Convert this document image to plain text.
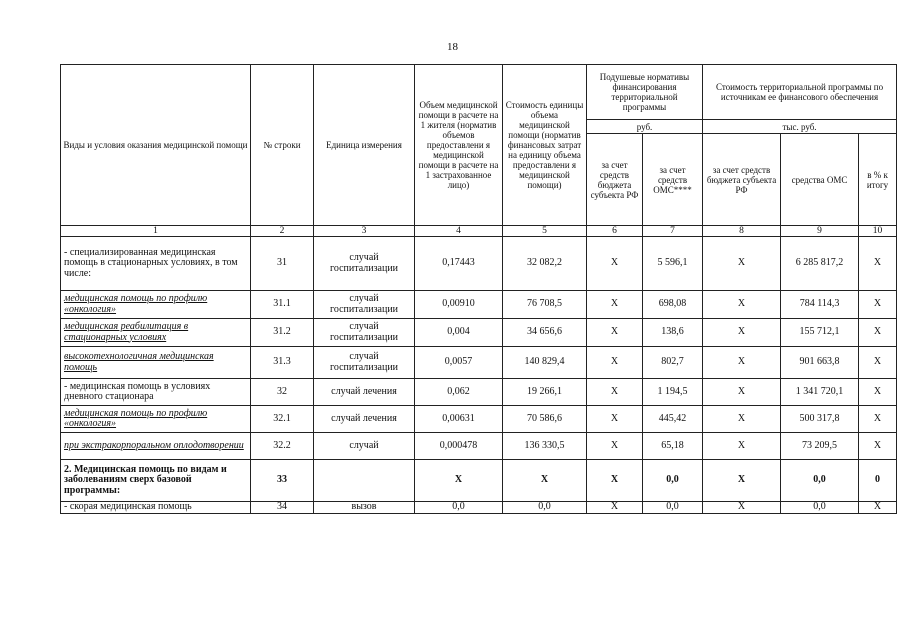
18
Виды и условия оказания медицинской помощи	№ строки	Единица измерения	Объем медицинской помощи в расчете на 1 жителя (норматив объемов предоставлени я медицинской помощи в расчете на 1 застрахованное лицо)	Стоимость единицы объема медицинской помощи (норматив финансовых затрат на единицу объема предоставлени я медицинской помощи)	Подушевые нормативы финансирования территориальной программы		Стоимость территориальной программы по источникам ее финансового обеспечения		
					руб.		тыс. руб.		
					за счет средств бюджета субъекта РФ	за счет средств ОМС****	за счет средств бюджета субъекта РФ	средства ОМС	в % к итогу
1	2	3	4	5	6	7	8	9	10
- специализированная медицинская помощь в стационарных условиях, в том числе:	31	случай госпитализации	0,17443	32 082,2	Х	5 596,1	Х	6 285 817,2	Х
медицинская помощь по профилю «онкология»	31.1	случай госпитализации	0,00910	76 708,5	Х	698,08	Х	784 114,3	Х
медицинская реабилитация в стационарных условиях	31.2	случай госпитализации	0,004	34 656,6	Х	138,6	Х	155 712,1	Х
высокотехнологичная медицинская помощь	31.3	случай госпитализации	0,0057	140 829,4	Х	802,7	Х	901 663,8	Х
- медицинская помощь в условиях дневного стационара	32	случай лечения	0,062	19 266,1	Х	1 194,5	Х	1 341 720,1	Х
медицинская помощь по профилю «онкология»	32.1	случай лечения	0,00631	70 586,6	Х	445,42	Х	500 317,8	Х
при экстракорпоральном оплодотворении	32.2	случай	0,000478	136 330,5	Х	65,18	Х	73 209,5	Х
2. Медицинская помощь по видам и заболеваниям сверх базовой программы:	33		Х	Х	Х	0,0	Х	0,0	0
- скорая медицинская помощь	34	вызов	0,0	0,0	Х	0,0	Х	0,0	Х
